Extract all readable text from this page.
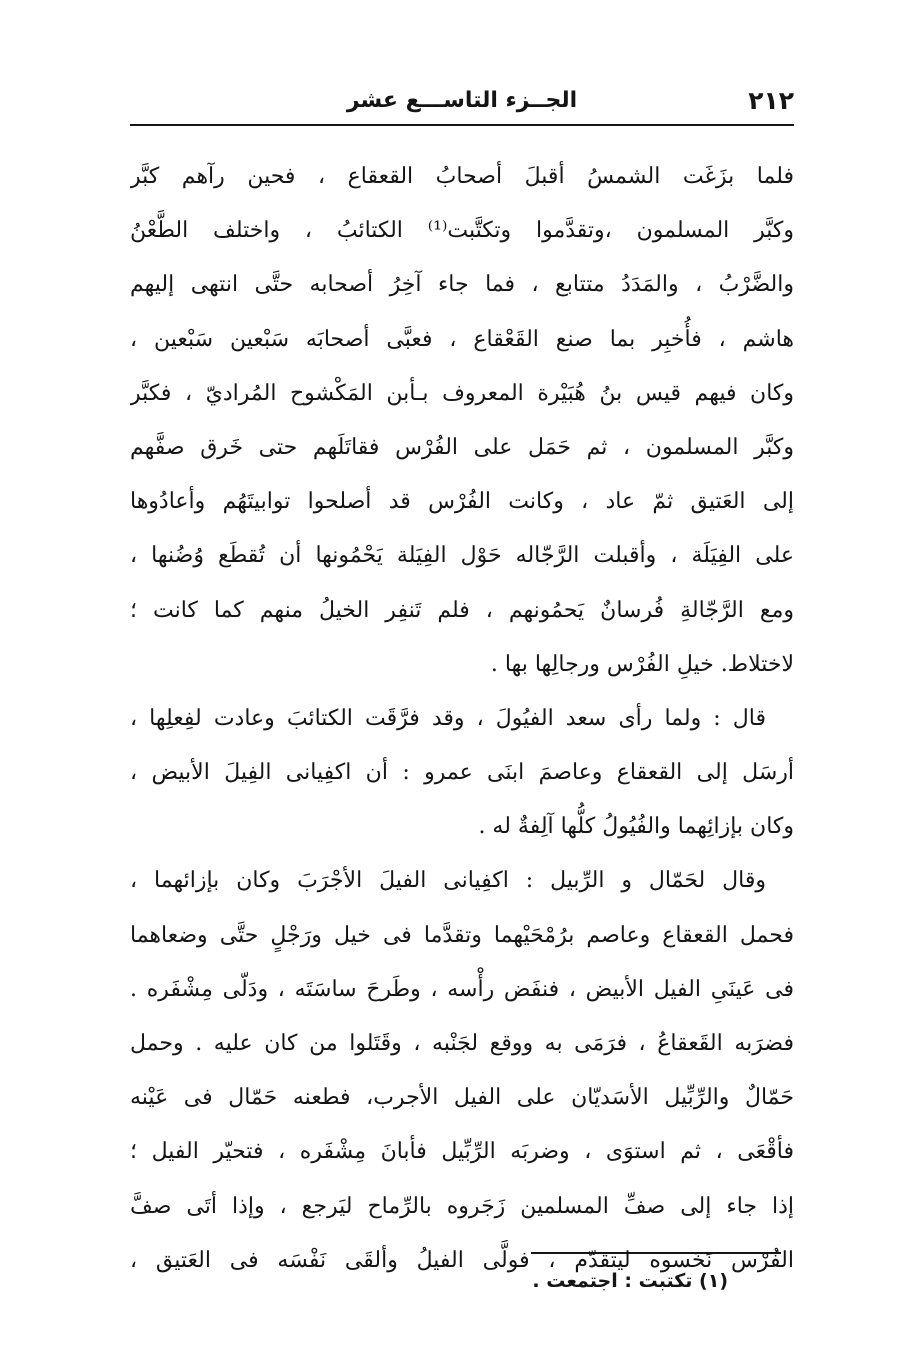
٢١٢
الجــزء التاســـع عشر
فلما بزَغَت الشمسُ أقبلَ أصحابُ القعقاع ، فحين رآهم كبَّر
وكبَّر المسلمون ،وتقدَّموا وتكتَّبت⁽¹⁾ الكتائبُ ، واختلف الطَّعْنُ
والضَّرْبُ ، والمَدَدُ متتابع ، فما جاء آخِرُ أصحابه حتَّى انتهى إليهم
هاشم ، فأُخبِر بما صنع القَعْقاع ، فعبَّى أصحابَه سَبْعين سَبْعين ،
وكان فيهم قيس بنُ هُبَيْرة المعروف بـأبن المَكْشوح المُراديّ ، فكبَّر
وكبَّر المسلمون ، ثم حَمَل على الفُرْس فقاتَلَهم حتى خَرق صفَّهم
إلى العَتيق ثمّ عاد ، وكانت الفُرْس قد أصلحوا توابيتَهُم وأعادُوها
على الفِيَلَة ، وأقبلت الرَّجّاله حَوْل الفِيَلة يَحْمُونها أن تُقطَع وُضُنها ،
ومع الرَّجّالةِ فُرسانٌ يَحمُونهم ، فلم تَنفِر الخيلُ منهم كما كانت ؛
لاختلاط. خيلِ الفُرْس ورجالِها بها .
قال : ولما رأى سعد الفيُولَ ، وقد فرَّقَت الكتائبَ وعادت لفِعلِها ،
أرسَل إلى القعقاع وعاصمَ ابنَى عمرو : أن اكفِيانى الفِيلَ الأبيض ،
وكان بإزائِهما والفُيُولُ كلُّها آلِفةٌ له .
وقال لحَمّال و الرِّبيل : اكفِيانى الفيلَ الأجْرَبَ وكان بإزائهما ،
فحمل القعقاع وعاصم برُمْحَيْهما وتقدَّما فى خيل ورَجْلٍ حتَّى وضعاهما
فى عَينَىِ الفيل الأبيض ، فنفَض رأْسه ، وطَرحَ ساسَتَه ، ودَلّى مِشْفَره .
فضرَبه القَعقاعُ ، فرَمَى به ووقع لجَنْبه ، وقَتَلوا من كان عليه . وحمل
حَمّالٌ والرِّبِّيل الأسَديّان على الفيل الأجرب، فطعنه حَمّال فى عَيْنه
فأقْعَى ، ثم استوَى ، وضربَه الرِّبِّيل فأبانَ مِشْفَره ، فتحيّر الفيل ؛
إذا جاء إلى صفِّ المسلمين زَجَروه بالرِّماح ليَرجع ، وإذا أتَى صفَّ
الفُرْس نَخَسوه ليتقدّم ، فولَّى الفيلُ وألقَى نَفْسَه فى العَتيق ،
(١) تكتبت : اجتمعت .
